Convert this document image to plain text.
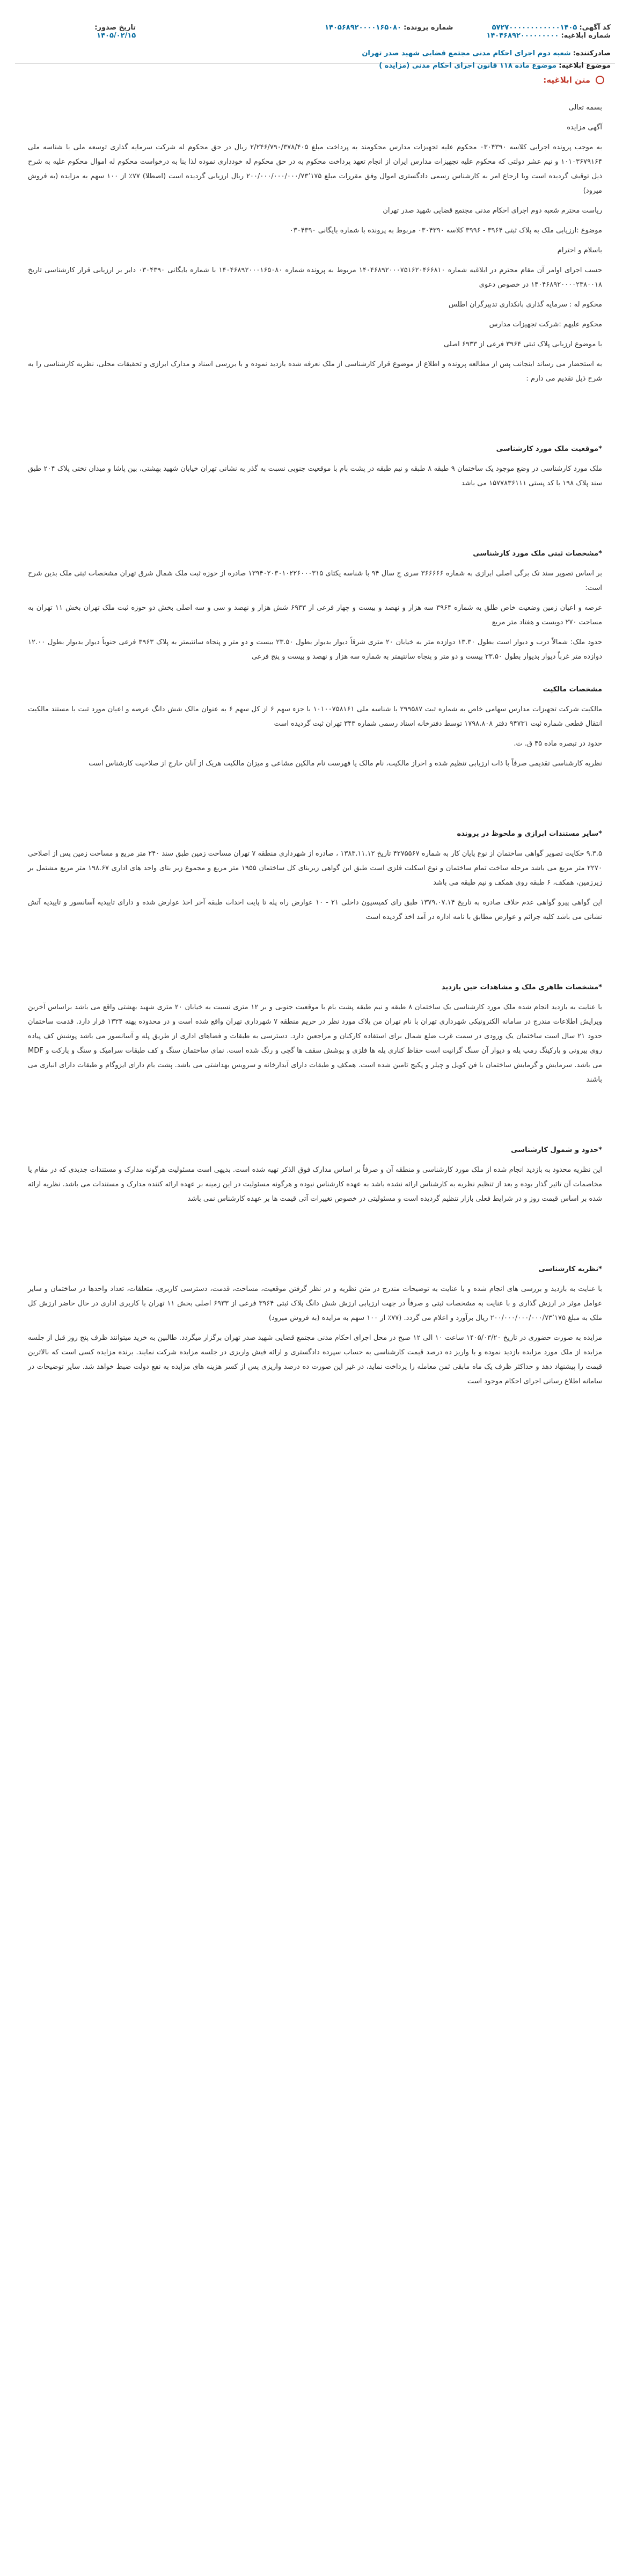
کد آگهی: ۵۷۲۷۰۰۰۰۰۰۰۰۰۰۰۰۱۴۰۵ شماره پرونده: ۱۴۰۵۶۸۹۲۰۰۰۰۱۶۵۰۸۰ شماره ابلاغیه: ۱۴۰۴۶۸۹۲۰۰۰۰۰۰۰۰۰
تاریخ صدور: ۱۴۰۵/۰۲/۱۵
صادرکننده: شعبه دوم اجرای احکام مدنی مجتمع قضایی شهید صدر تهران
موضوع ابلاغیه: موضوع ماده ۱۱۸ قانون اجرای احکام مدنی (مزایده )
متن ابلاغیه:

بسمه تعالی

آگهی مزایده

به موجب پرونده اجرایی کلاسه ۰۳۰۴۳۹۰ محکوم علیه تجهیزات مدارس محکومند به پرداخت مبلغ ۲/۲۴۶/۷۹۰/۳۷۸/۴۰۵ ریال در حق محکوم له شرکت سرمایه گذاری توسعه ملی با شناسه ملی ۱۰۱۰۳۶۷۹۱۶۴ و نیم عشر دولتی که محکوم علیه تجهیزات مدارس ایران از انجام تعهد پرداخت محکوم به در حق محکوم له خودداری نموده لذا بنا به درخواست محکوم له اموال محکوم علیه به شرح ذیل توقیف گردیده است وبا ارجاع امر به کارشناس رسمی دادگستری اموال وفق مقررات مبلغ ۲۰۰/۰۰۰/۰۰۰/۰۰۰/۷۳٬۱۷۵ ریال ارزیابی گردیده است (اصطلا) ۷۷٪ از ۱۰۰ سهم به مزایده (به فروش میرود)

ریاست محترم شعبه دوم اجرای احکام مدنی مجتمع قضایی شهید صدر تهران

موضوع :ارزیابی ملک به پلاک ثبتی ۳۹۶۴ - ۳۹۹۶ کلاسه ۰۳۰۴۳۹۰ مربوط به پرونده با شماره بایگانی ۰۳۰۴۳۹۰

باسلام و احترام

حسب اجرای اوامر آن مقام محترم در ابلاغیه شماره ۱۴۰۴۶۸۹۲۰۰۰۷۵۱۶۲۰۴۶۶۸۱۰ مربوط به پرونده شماره ۱۴۰۴۶۸۹۲۰۰۰۱۶۵۰۸۰ با شماره بایگانی ۰۳۰۴۳۹۰ دایر بر ارزیابی قرار کارشناسی تاریخ ۱۴۰۴۶۸۹۲۰۰۰۰۲۳۸۰۰۱۸ در خصوص دعوی

محکوم له : سرمایه گذاری بانکداری تدبیرگران اطلس

محکوم علیهم :شرکت تجهیزات مدارس

با موضوع ارزیابی پلاک ثبتی ۳۹۶۴ فرعی از ۶۹۳۳ اصلی

به استحضار می رساند اینجانب پس از مطالعه پرونده و اطلاع از موضوع قرار کارشناسی از ملک نعرفه شده بازدید نموده و با بررسی اسناد و مدارک ابرازی و تحقیقات محلی، نظریه کارشناسی را به شرح ذیل تقدیم می دارم :

*موقعیت ملک مورد کارشناسی

ملک مورد کارشناسی در وضع موجود یک ساختمان ۹ طبقه ۸ طبقه و نیم طبقه در پشت بام با موقعیت جنوبی نسبت به گذر به نشانی تهران خیابان شهید بهشتی، بین پاشا و میدان تختی پلاک ۲۰۴ طبق سند پلاک ۱۹۸ با کد پستی ۱۵۷۷۸۳۶۱۱۱ می باشد

*مشخصات ثبتی ملک مورد کارشناسی

بر اساس تصویر سند تک برگی اصلی ابرازی به شماره ۳۶۶۶۶۶ سری ج سال ۹۴ با شناسه یکتای ۱۳۹۴۰۲۰۳۰۱۰۲۲۶۰۰۰۳۱۵ صادره از حوزه ثبت ملک شمال شرق تهران مشخصات ثبتی ملک بدین شرح است:

عرصه و اعیان زمین وضعیت خاص طلق به شماره ۳۹۶۴ سه هزار و نهصد و بیست و چهار فرعی از ۶۹۳۳ شش هزار و نهصد و سی و سه اصلی بخش دو حوزه ثبت ملک تهران بخش ۱۱ تهران به مساحت ۲۷۰ دویست و هفتاد متر مربع

حدود ملک: شمالاً درب و دیوار است بطول ۱۳.۳۰ دوازده متر به خیابان ۲۰ متری شرقاً دیوار بدیوار بطول ۲۳.۵۰ بیست و دو متر و پنجاه سانتیمتر به پلاک ۳۹۶۳ فرعی جنوباً دیوار بدیوار بطول ۱۲.۰۰ دوازده متر غرباً دیوار بدیوار بطول ۲۳.۵۰ بیست و دو متر و پنجاه سانتیمتر به شماره سه هزار و نهصد و بیست و پنج فرعی

مشخصات مالکیت

مالکیت شرکت تجهیزات مدارس سهامی خاص به شماره ثبت ۲۹۹۵۸۷ با شناسه ملی ۱۰۱۰۰۷۵۸۱۶۱ با جزء سهم ۶ از کل سهم ۶ به عنوان مالک شش دانگ عرصه و اعیان مورد ثبت با مستند مالکیت انتقال قطعی شماره ثبت ۹۴۷۳۱ دفتر ۱۷۹۸.۸۰۸ توسط دفترخانه اسناد رسمی شماره ۳۴۳ تهران ثبت گردیده است

حدود در تبصره ماده ۴۵ ق. ث.

نظریه کارشناسی تقدیمی صرفاً با ذات ارزیابی تنظیم شده و احراز مالکیت، نام مالک یا فهرست نام مالکین مشاعی و میزان مالکیت هریک از آنان خارج از صلاحیت کارشناس است

*سایر مستندات ابرازی و ملحوظ در پرونده

۹.۳.۵ حکایت تصویر گواهی ساختمان از نوع پایان کار به شماره ۴۲۷۵۵۶۷ تاریخ ۱۳۸۳.۱۱.۱۲ ، صادره از شهرداری منطقه ۷ تهران مساحت زمین طبق سند ۲۴۰ متر مربع و مساحت زمین پس از اصلاحی ۲۲۷۰ متر مربع می باشد مرحله ساخت تمام ساختمان و نوع اسکلت فلزی است طبق این گواهی زیربنای کل ساختمان ۱۹۵۵ متر مربع و مجموع زیر بنای واحد های اداری ۱۹۸.۶۷ متر مربع مشتمل بر زیرزمین، همکف، ۶ طبقه روی همکف و نیم طبقه می باشد

این گواهی پیرو گواهی عدم خلاف صادره به تاریخ ۱۳۷۹.۰۷.۱۴ طبق رای کمیسیون داخلی ۲۱ - ۱۰ عوارض راه پله تا پایت احداث طبقه آخر اخذ عوارض شده و دارای تاییدیه آسانسور و تاییدیه آتش نشانی می باشد کلیه جرائم و عوارض مطابق با نامه اداره در آمد اخذ گردیده است

*مشخصات ظاهری ملک و مشاهدات حین بازدید

با عنایت به بازدید انجام شده ملک مورد کارشناسی یک ساختمان ۸ طبقه و نیم طبقه پشت بام با موقعیت جنوبی و بر ۱۲ متری نسبت به خیابان ۲۰ متری شهید بهشتی واقع می باشد براساس آخرین ویرایش اطلاعات مندرج در سامانه الکترونیکی شهرداری تهران با نام تهران من پلاک مورد نظر در حریم منطقه ۷ شهرداری تهران واقع شده است و در محدوده پهنه ۱۳۲۴ قرار دارد. قدمت ساختمان حدود ۲۱ سال است ساختمان یک ورودی در سمت غرب ضلع شمال برای استفاده کارکنان و مراجعین دارد. دسترسی به طبقات و فضاهای اداری از طریق پله و آسانسور می باشد پوشش کف پیاده روی بیرونی و پارکینگ رمپ پله و دیوار آن سنگ گرانیت است حفاظ کناری پله ها فلزی و پوشش سقف ها گچی و رنگ شده است. نمای ساختمان سنگ و کف طبقات سرامیک و سنگ و پارکت و MDF می باشد. سرمایش و گرمایش ساختمان با فن کویل و چیلر و پکیج تامین شده است. همکف و طبقات دارای آبدارخانه و سرویس بهداشتی می باشد. پشت بام دارای ایزوگام و طبقات دارای انباری می باشند

*حدود و شمول کارشناسی

این نظریه محدود به بازدید انجام شده از ملک مورد کارشناسی و منطقه آن و صرفاً بر اساس مدارک فوق الذکر تهیه شده است. بدیهی است مسئولیت هرگونه مدارک و مستندات جدیدی که در مقام یا مخاصمات آن تاثیر گذار بوده و بعد از تنظیم نظریه به کارشناس ارائه نشده باشد به عهده کارشناس نبوده و هرگونه مسئولیت در این زمینه بر عهده ارائه کننده مدارک و مستندات می باشد. نظریه ارائه شده بر اساس قیمت روز و در شرایط فعلی بازار تنظیم گردیده است و مسئولیتی در خصوص تغییرات آتی قیمت ها بر عهده کارشناس نمی باشد

*نظریه کارشناسی

با عنایت به بازدید و بررسی های انجام شده و با عنایت به توضیحات مندرج در متن نظریه و در نظر گرفتن موقعیت، مساحت، قدمت، دسترسی کاربری، متعلقات، تعداد واحدها در ساختمان و سایر عوامل موثر در ارزش گذاری و با عنایت به مشخصات ثبتی و صرفاً در جهت ارزیابی ارزش شش دانگ پلاک ثبتی ۳۹۶۴ فرعی از ۶۹۳۳ اصلی بخش ۱۱ تهران با کاربری اداری در حال حاضر ارزش کل ملک به مبلغ ۲۰۰/۰۰۰/۰۰۰/۰۰۰/۷۳٬۱۷۵ ریال برآورد و اعلام می گردد. (۷۷٪ از ۱۰۰ سهم به مزایده (به فروش میرود)

مزایده به صورت حضوری در تاریخ ۱۴۰۵/۰۳/۲۰ ساعت ۱۰ الی ۱۲ صبح در محل اجرای احکام مدنی مجتمع قضایی شهید صدر تهران برگزار میگردد. طالبین به خرید میتوانند ظرف پنج روز قبل از جلسه مزایده از ملک مورد مزایده بازدید نموده و با واریز ده درصد قیمت کارشناسی به حساب سپرده دادگستری و ارائه فیش واریزی در جلسه مزایده شرکت نمایند. برنده مزایده کسی است که بالاترین قیمت را پیشنهاد دهد و حداکثر ظرف یک ماه مابقی ثمن معامله را پرداخت نماید، در غیر این صورت ده درصد واریزی پس از کسر هزینه های مزایده به نفع دولت ضبط خواهد شد. سایر توضیحات در سامانه اطلاع رسانی اجرای احکام موجود است
